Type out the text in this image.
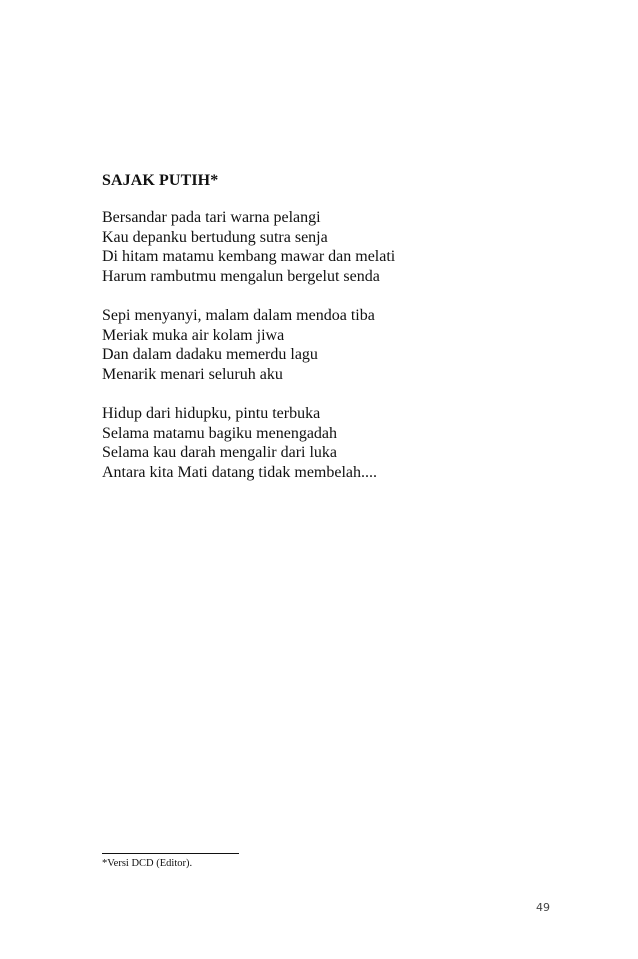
SAJAK PUTIH*
Bersandar pada tari warna pelangi
Kau depanku bertudung sutra senja
Di hitam matamu kembang mawar dan melati
Harum rambutmu mengalun bergelut senda
Sepi menyanyi, malam dalam mendoa tiba
Meriak muka air kolam jiwa
Dan dalam dadaku memerdu lagu
Menarik menari seluruh aku
Hidup dari hidupku, pintu terbuka
Selama matamu bagiku menengadah
Selama kau darah mengalir dari luka
Antara kita Mati datang tidak membelah....
*Versi DCD (Editor).
49
